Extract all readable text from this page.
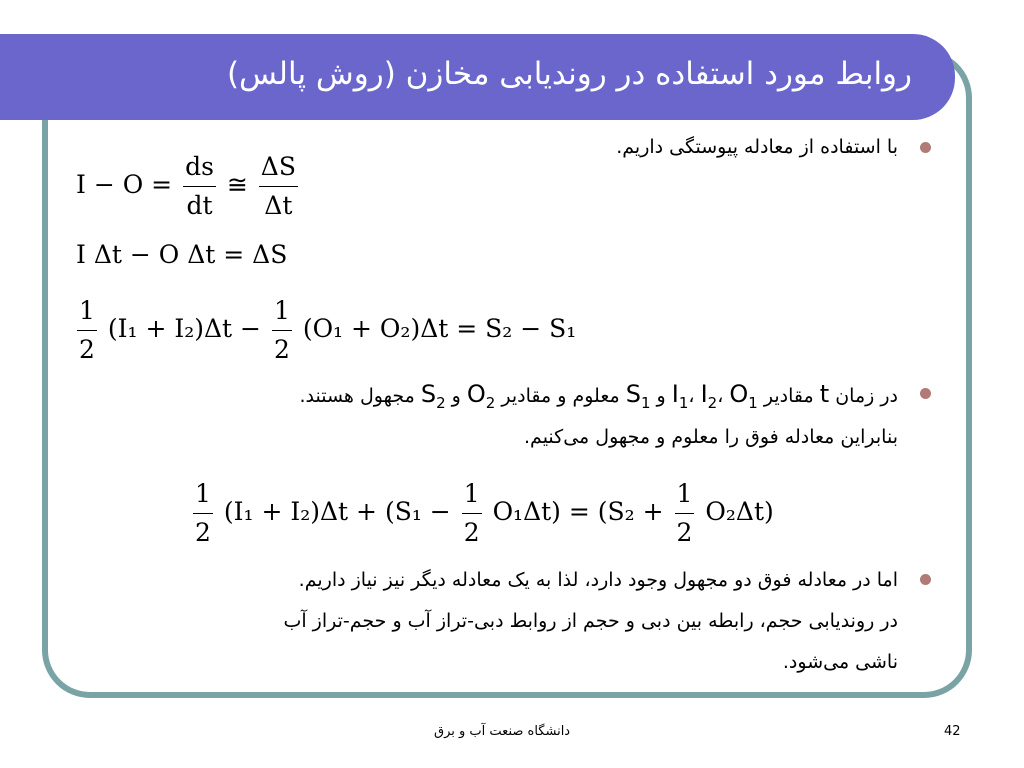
روابط مورد استفاده در روندیابی مخازن (روش پالس)
با استفاده از معادله پیوستگی داریم.
$I - O = \frac{ds}{dt}$ ≅ $\frac{\Delta S}{\Delta t}$
I Δt − O Δt = ΔS
$\frac{1}{2} (I_1 + I_2)\Delta t - \frac{1}{2} (O_1 + O_2)\Delta t = S_2 - S_1$
در زمان t مقادیر $I_1،$ $I_2،$ $O_1$ و $S_1$ معلوم و مقادیر $O_2$ و $S_2$ مجهول هستند.
بنابراین معادله فوق را معلوم و مجهول می‌کنیم.
$\frac{1}{2} (I_1 + I_2)\Delta t + (S_1 - \frac{1}{2} O_1\Delta t) = (S_2 + \frac{1}{2} O_2\Delta t)$
اما در معادله فوق دو مجهول وجود دارد، لذا به یک معادله دیگر نیز نیاز داریم.
در روندیابی حجم، رابطه بین دبی و حجم از روابط دبی-تراز آب و حجم-تراز آب
ناشی می‌شود.
دانشگاه صنعت آب و برق	42
